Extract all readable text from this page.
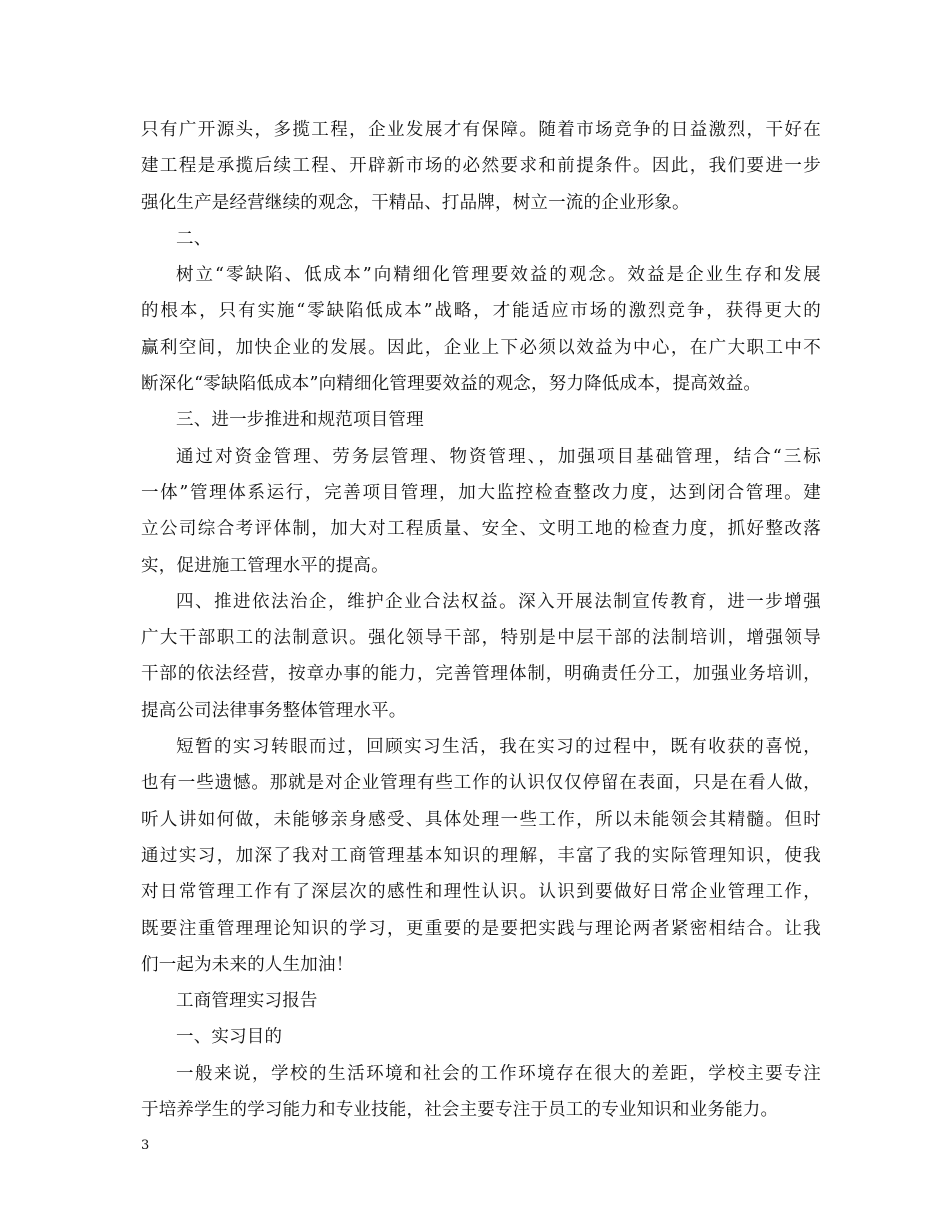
只有广开源头，多揽工程，企业发展才有保障。随着市场竞争的日益激烈，干好在
建工程是承揽后续工程、开辟新市场的必然要求和前提条件。因此，我们要进一步
强化生产是经营继续的观念，干精品、打品牌，树立一流的企业形象。
二、
树立“零缺陷、低成本”向精细化管理要效益的观念。效益是企业生存和发展
的根本，只有实施“零缺陷低成本”战略，才能适应市场的激烈竞争，获得更大的
赢利空间，加快企业的发展。因此，企业上下必须以效益为中心，在广大职工中不
断深化“零缺陷低成本”向精细化管理要效益的观念，努力降低成本，提高效益。
三、进一步推进和规范项目管理
通过对资金管理、劳务层管理、物资管理、，加强项目基础管理，结合“三标
一体”管理体系运行，完善项目管理，加大监控检查整改力度，达到闭合管理。建
立公司综合考评体制，加大对工程质量、安全、文明工地的检查力度，抓好整改落
实，促进施工管理水平的提高。
四、推进依法治企，维护企业合法权益。深入开展法制宣传教育，进一步增强
广大干部职工的法制意识。强化领导干部，特别是中层干部的法制培训，增强领导
干部的依法经营，按章办事的能力，完善管理体制，明确责任分工，加强业务培训，
提高公司法律事务整体管理水平。
短暂的实习转眼而过，回顾实习生活，我在实习的过程中，既有收获的喜悦，
也有一些遗憾。那就是对企业管理有些工作的认识仅仅停留在表面，只是在看人做，
听人讲如何做，未能够亲身感受、具体处理一些工作，所以未能领会其精髓。但时
通过实习，加深了我对工商管理基本知识的理解，丰富了我的实际管理知识，使我
对日常管理工作有了深层次的感性和理性认识。认识到要做好日常企业管理工作，
既要注重管理理论知识的学习，更重要的是要把实践与理论两者紧密相结合。让我
们一起为未来的人生加油！
工商管理实习报告
一、实习目的
一般来说，学校的生活环境和社会的工作环境存在很大的差距，学校主要专注
于培养学生的学习能力和专业技能，社会主要专注于员工的专业知识和业务能力。
3
